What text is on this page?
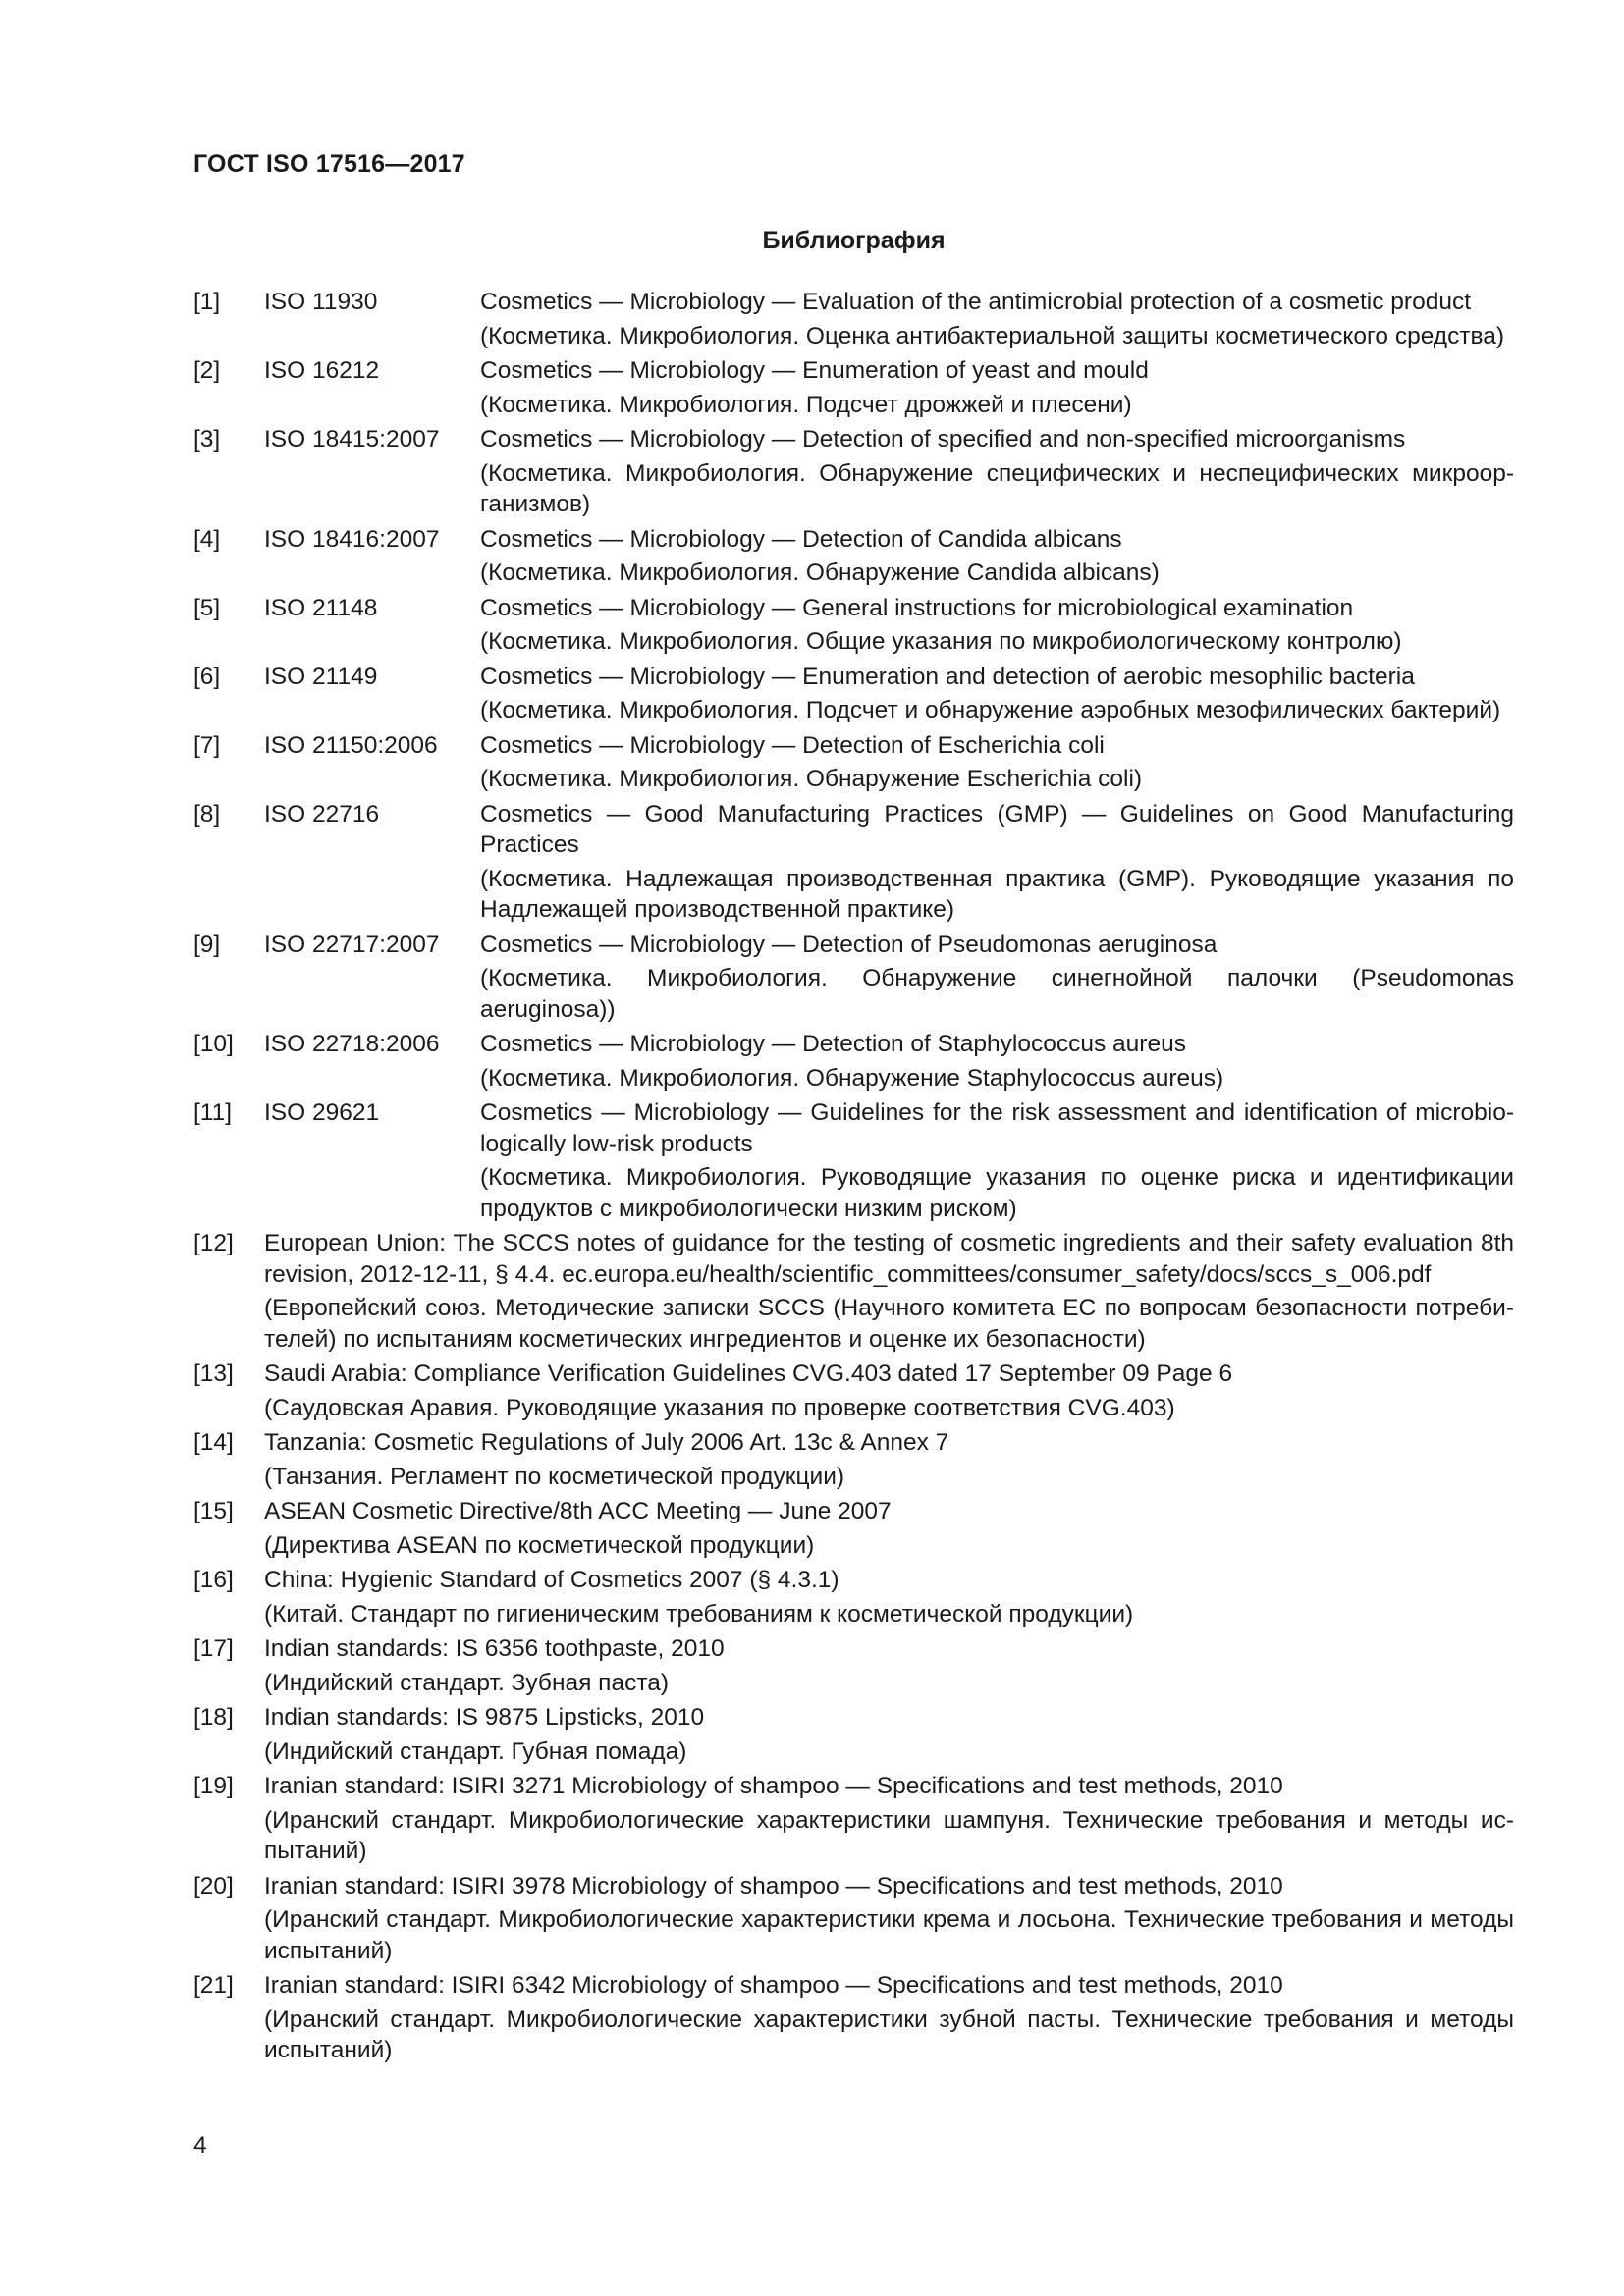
ГОСТ ISO 17516—2017
Библиография
[1] ISO 11930	Cosmetics — Microbiology — Evaluation of the antimicrobial protection of a cosmetic product
(Косметика. Микробиология. Оценка антибактериальной защиты косметического средства)
[2] ISO 16212	Cosmetics — Microbiology — Enumeration of yeast and mould
(Косметика. Микробиология. Подсчет дрожжей и плесени)
[3] ISO 18415:2007 Cosmetics — Microbiology — Detection of specified and non-specified microorganisms
(Косметика. Микробиология. Обнаружение специфических и неспецифических микроорганизмов)
[4] ISO 18416:2007 Cosmetics — Microbiology — Detection of Candida albicans
(Косметика. Микробиология. Обнаружение Candida albicans)
[5] ISO 21148	Cosmetics — Microbiology — General instructions for microbiological examination
(Косметика. Микробиология. Общие указания по микробиологическому контролю)
[6] ISO 21149	Cosmetics — Microbiology — Enumeration and detection of aerobic mesophilic bacteria
(Косметика. Микробиология. Подсчет и обнаружение аэробных мезофилических бактерий)
[7] ISO 21150:2006 Cosmetics — Microbiology — Detection of Escherichia coli
(Косметика. Микробиология. Обнаружение Escherichia coli)
[8] ISO 22716	Cosmetics — Good Manufacturing Practices (GMP) — Guidelines on Good Manufacturing Practices
(Косметика. Надлежащая производственная практика (GMP). Руководящие указания по Надлежащей производственной практике)
[9] ISO 22717:2007 Cosmetics — Microbiology — Detection of Pseudomonas aeruginosa
(Косметика. Микробиология. Обнаружение синегнойной палочки (Pseudomonas aeruginosa))
[10] ISO 22718:2006 Cosmetics — Microbiology — Detection of Staphylococcus aureus
(Косметика. Микробиология. Обнаружение Staphylococcus aureus)
[11] ISO 29621	Cosmetics — Microbiology — Guidelines for the risk assessment and identification of microbiologically low-risk products
(Косметика. Микробиология. Руководящие указания по оценке риска и идентификации продуктов с микробиологически низким риском)
[12] European Union: The SCCS notes of guidance for the testing of cosmetic ingredients and their safety evaluation 8th revision, 2012-12-11, § 4.4. ec.europa.eu/health/scientific_committees/consumer_safety/docs/sccs_s_006.pdf
(Европейский союз. Методические записки SCCS (Научного комитета ЕС по вопросам безопасности потребителей) по испытаниям косметических ингредиентов и оценке их безопасности)
[13] Saudi Arabia: Compliance Verification Guidelines CVG.403 dated 17 September 09 Page 6
(Саудовская Аравия. Руководящие указания по проверке соответствия CVG.403)
[14] Tanzania: Cosmetic Regulations of July 2006 Art. 13c & Annex 7
(Танзания. Регламент по косметической продукции)
[15] ASEAN Cosmetic Directive/8th ACC Meeting — June 2007
(Директива ASEAN по косметической продукции)
[16] China: Hygienic Standard of Cosmetics 2007 (§ 4.3.1)
(Китай. Стандарт по гигиеническим требованиям к косметической продукции)
[17] Indian standards: IS 6356 toothpaste, 2010
(Индийский стандарт. Зубная паста)
[18] Indian standards: IS 9875 Lipsticks, 2010
(Индийский стандарт. Губная помада)
[19] Iranian standard: ISIRI 3271 Microbiology of shampoo — Specifications and test methods, 2010
(Иранский стандарт. Микробиологические характеристики шампуня. Технические требования и методы испытаний)
[20] Iranian standard: ISIRI 3978 Microbiology of shampoo — Specifications and test methods, 2010
(Иранский стандарт. Микробиологические характеристики крема и лосьона. Технические требования и методы испытаний)
[21] Iranian standard: ISIRI 6342 Microbiology of shampoo — Specifications and test methods, 2010
(Иранский стандарт. Микробиологические характеристики зубной пасты. Технические требования и методы испытаний)
4
